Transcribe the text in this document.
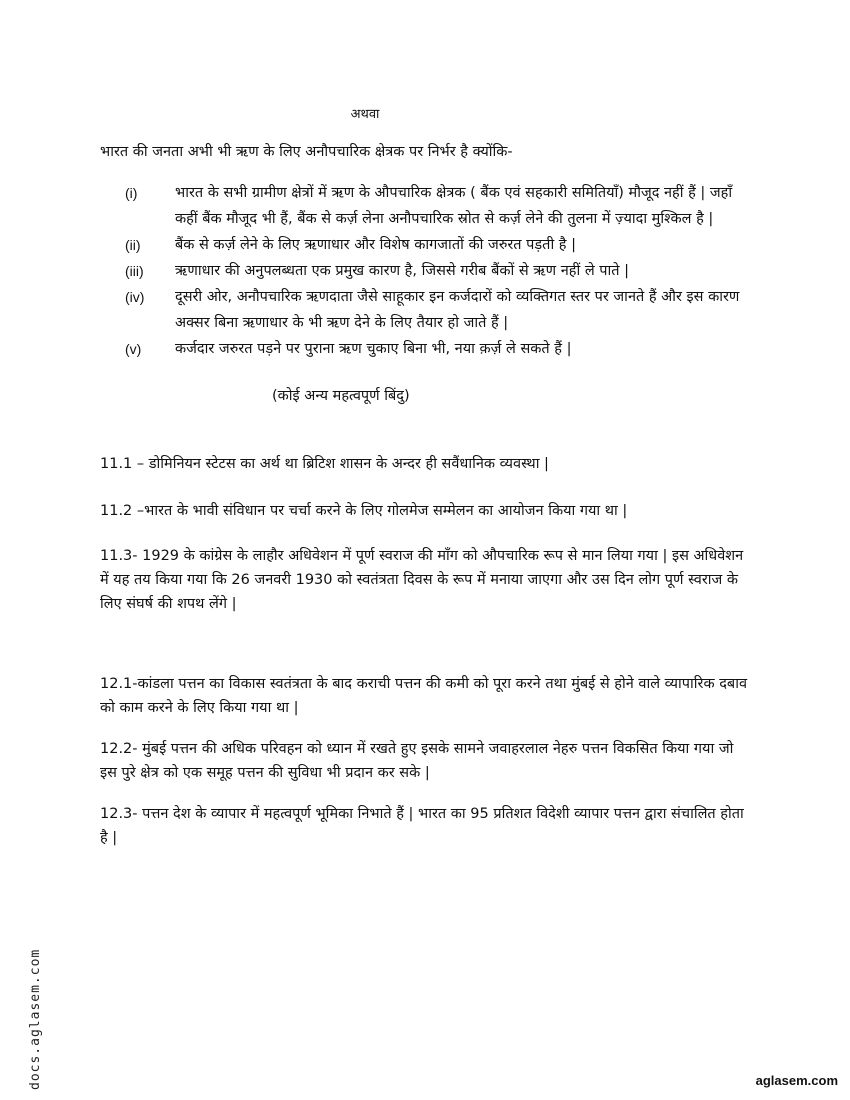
अथवा
भारत की जनता अभी भी ऋण के लिए अनौपचारिक क्षेत्रक पर निर्भर है क्योंकि-
(i)	भारत के सभी ग्रामीण क्षेत्रों में ऋण के औपचारिक क्षेत्रक ( बैंक एवं सहकारी समितियाँ) मौजूद नहीं हैं | जहाँ कहीं बैंक मौजूद भी हैं, बैंक से कर्ज़ लेना अनौपचारिक स्रोत से कर्ज़ लेने की तुलना में ज़्यादा मुश्किल है |
(ii)	बैंक से कर्ज़ लेने के लिए ऋणाधार और विशेष कागजातों की जरुरत पड़ती है |
(iii)	ऋणाधार की अनुपलब्धता एक प्रमुख कारण है, जिससे गरीब बैंकों से ऋण नहीं ले पाते |
(iv)	दूसरी ओर, अनौपचारिक ऋणदाता जैसे साहूकार इन कर्जदारों को व्यक्तिगत स्तर पर जानते हैं और इस कारण अक्सर बिना ऋणाधार के भी ऋण देने के लिए तैयार हो जाते हैं |
(v)	कर्जदार जरुरत पड़ने पर पुराना ऋण चुकाए बिना भी, नया क़र्ज़ ले सकते हैं |
(कोई अन्य महत्वपूर्ण बिंदु)
11.1 – डोमिनियन स्टेटस का अर्थ था ब्रिटिश शासन के अन्दर ही सवैंधानिक व्यवस्था |
11.2 –भारत के भावी संविधान पर चर्चा करने के लिए गोलमेज सम्मेलन का आयोजन किया गया था |
11.3- 1929 के कांग्रेस के लाहौर अधिवेशन में पूर्ण स्वराज की माँग को औपचारिक रूप से मान लिया गया | इस अधिवेशन में यह तय किया गया कि 26 जनवरी 1930 को स्वतंत्रता दिवस के रूप में मनाया जाएगा और उस दिन लोग पूर्ण स्वराज के लिए संघर्ष की शपथ लेंगे |
12.1-कांडला पत्तन का विकास स्वतंत्रता के बाद कराची पत्तन की कमी को पूरा करने तथा मुंबई से होने वाले व्यापारिक दबाव को काम करने के लिए किया गया था |
12.2- मुंबई पत्तन की अधिक परिवहन को ध्यान में रखते हुए इसके सामने जवाहरलाल नेहरु पत्तन विकसित किया गया जो इस पुरे क्षेत्र को एक समूह पत्तन की सुविधा भी प्रदान कर सके |
12.3- पत्तन देश के व्यापार में महत्वपूर्ण भूमिका निभाते हैं | भारत का 95 प्रतिशत विदेशी व्यापार पत्तन द्वारा संचालित होता है |
docs.aglasem.com	aglasem.com
